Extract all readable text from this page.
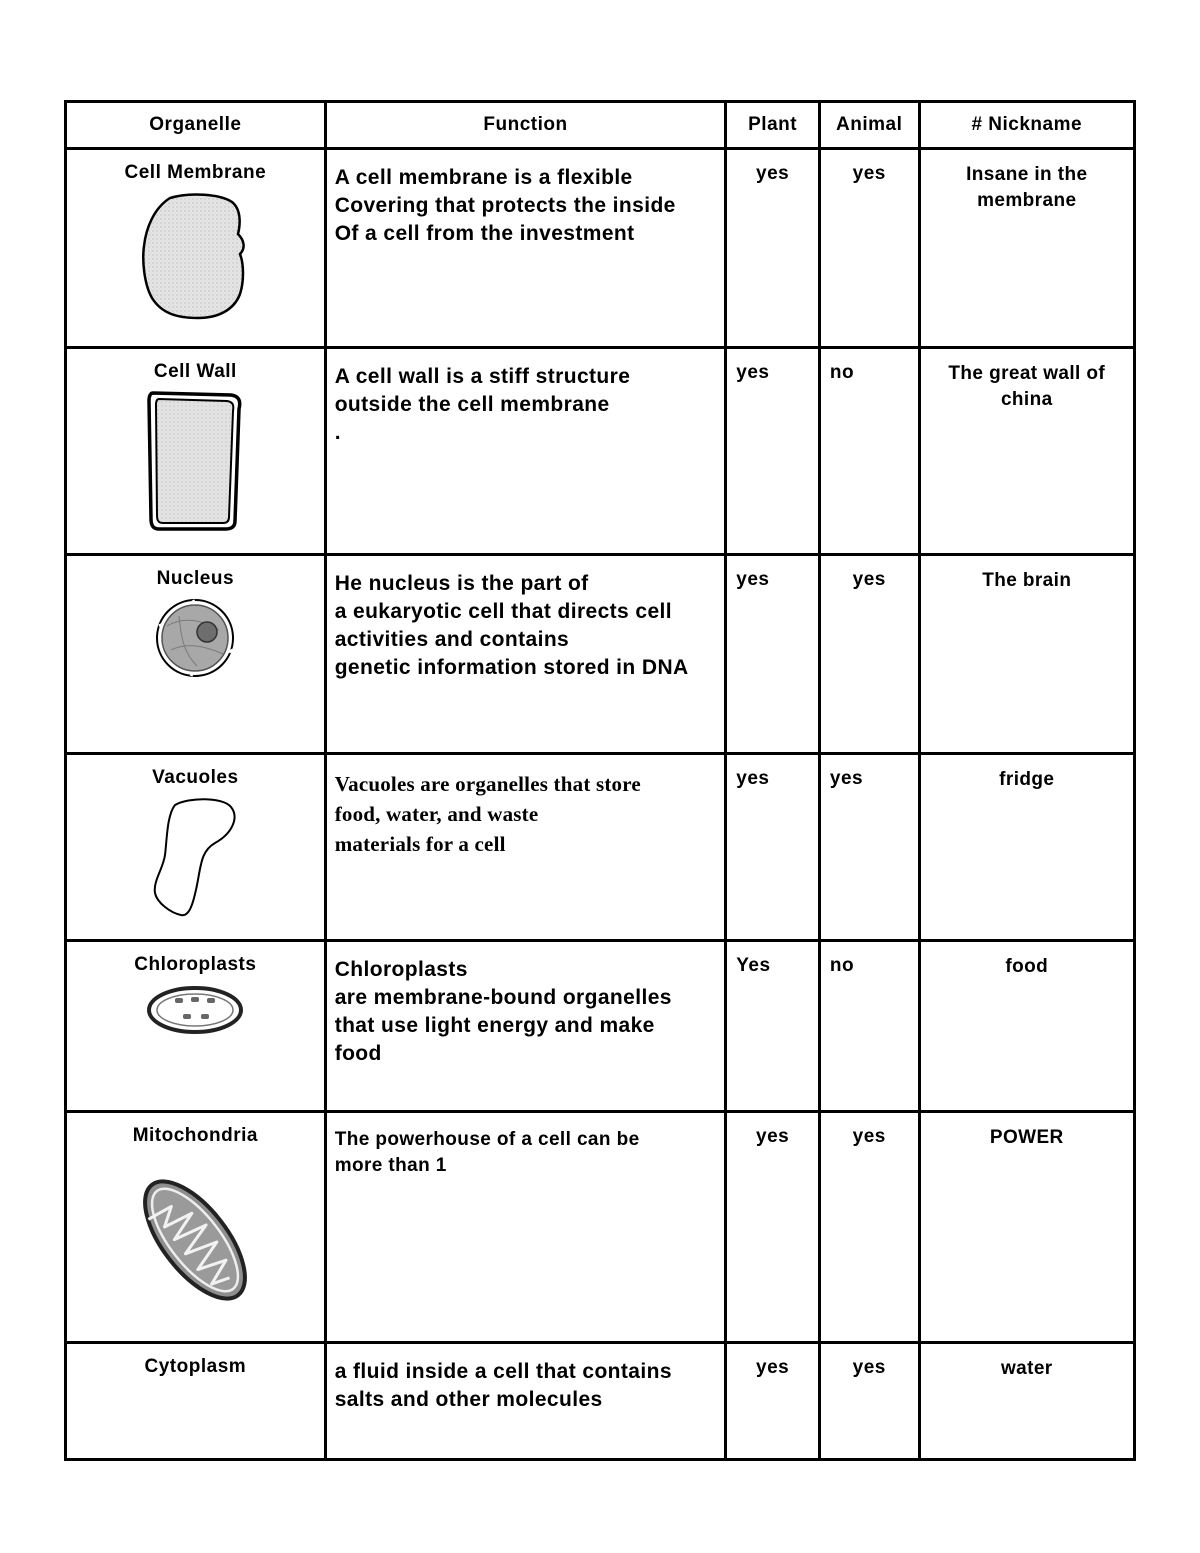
Organelle	Function	Plant	Animal	# Nickname

Cell Membrane	A cell membrane is a flexible
Covering that protects the inside
Of a cell from the investment	yes	yes	Insane in the membrane

Cell Wall	A cell wall is a stiff structure
outside the cell membrane
.	yes	no	The great wall of china

Nucleus	He nucleus is the part of
a eukaryotic cell that directs cell
activities and contains
genetic information stored in DNA	yes	yes	The brain

Vacuoles	Vacuoles are organelles that store
food, water, and waste
materials for a cell	yes	yes	fridge

Chloroplasts	Chloroplasts
are membrane-bound organelles
that use light energy and make
food	Yes	no	food

Mitochondria	The powerhouse of a cell can be
more than 1	yes	yes	POWER

Cytoplasm	a fluid inside a cell that contains
salts and other molecules	yes	yes	water
